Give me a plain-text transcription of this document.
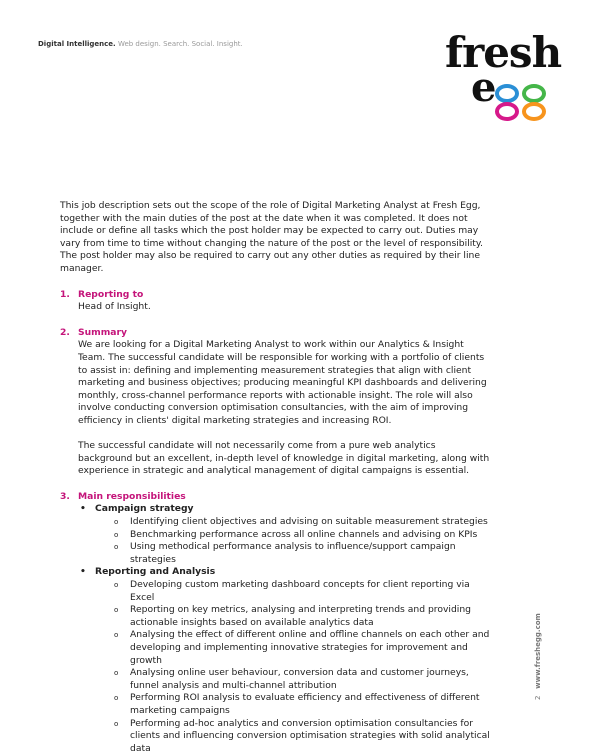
Digital Intelligence. Web design. Search. Social. Insight.	fresh
e

This job description sets out the scope of the role of Digital Marketing Analyst at Fresh Egg, together with the main duties of the post at the date when it was completed. It does not include or define all tasks which the post holder may be expected to carry out. Duties may vary from time to time without changing the nature of the post or the level of responsibility. The post holder may also be required to carry out any other duties as required by their line manager.

1. Reporting to
Head of Insight.
2. Summary

We are looking for a Digital Marketing Analyst to work within our Analytics & Insight Team. The successful candidate will be responsible for working with a portfolio of clients to assist in: defining and implementing measurement strategies that align with client marketing and business objectives; producing meaningful KPI dashboards and delivering monthly, cross-channel performance reports with actionable insight. The role will also involve conducting conversion optimisation consultancies, with the aim of improving efficiency in clients' digital marketing strategies and increasing ROI.

The successful candidate will not necessarily come from a pure web analytics background but an excellent, in-depth level of knowledge in digital marketing, along with experience in strategic and analytical management of digital campaigns is essential.

3. Main responsibilities
• Campaign strategy
o Identifying client objectives and advising on suitable measurement strategies
o Benchmarking performance across all online channels and advising on KPIs
o Using methodical performance analysis to influence/support campaign strategies
• Reporting and Analysis
o Developing custom marketing dashboard concepts for client reporting via Excel
o Reporting on key metrics, analysing and interpreting trends and providing actionable insights based on available analytics data
o Analysing the effect of different online and offline channels on each other and developing and implementing innovative strategies for improvement and growth
o Analysing online user behaviour, conversion data and customer journeys, funnel analysis and multi-channel attribution
o Performing ROI analysis to evaluate efficiency and effectiveness of different marketing campaigns
o Performing ad-hoc analytics and conversion optimisation consultancies for clients and influencing conversion optimisation strategies with solid analytical data
2   www.freshegg.com
